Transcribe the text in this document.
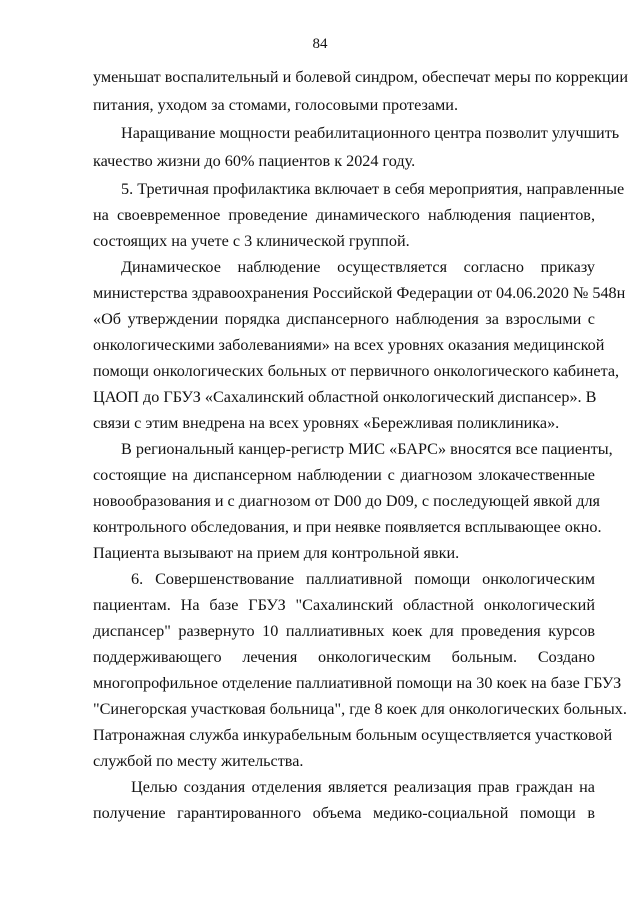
84
уменьшат воспалительный и болевой синдром, обеспечат меры по коррекции
питания, уходом за стомами, голосовыми протезами.
Наращивание мощности реабилитационного центра позволит улучшить
качество жизни до 60% пациентов к 2024 году.
5. Третичная профилактика включает в себя мероприятия, направленные
на своевременное проведение динамического наблюдения пациентов,
состоящих на учете с 3 клинической группой.
Динамическое наблюдение осуществляется согласно приказу
министерства здравоохранения Российской Федерации от 04.06.2020 № 548н
«Об утверждении порядка диспансерного наблюдения за взрослыми с
онкологическими заболеваниями» на всех уровнях оказания медицинской
помощи онкологических больных от первичного онкологического кабинета,
ЦАОП до ГБУЗ «Сахалинский областной онкологический диспансер». В
связи с этим внедрена на всех уровнях «Бережливая поликлиника».
В региональный канцер-регистр МИС «БАРС» вносятся все пациенты,
состоящие на диспансерном наблюдении с диагнозом злокачественные
новообразования и с диагнозом от D00 до D09, с последующей явкой для
контрольного обследования, и при неявке появляется всплывающее окно.
Пациента вызывают на прием для контрольной явки.
6. Совершенствование паллиативной помощи онкологическим
пациентам. На базе ГБУЗ "Сахалинский областной онкологический
диспансер" развернуто 10 паллиативных коек для проведения курсов
поддерживающего лечения онкологическим больным. Создано
многопрофильное отделение паллиативной помощи на 30 коек на базе ГБУЗ
"Синегорская участковая больница", где 8 коек для онкологических больных.
Патронажная служба инкурабельным больным осуществляется участковой
службой по месту жительства.
Целью создания отделения является реализация прав граждан на
получение гарантированного объема медико-социальной помощи в
